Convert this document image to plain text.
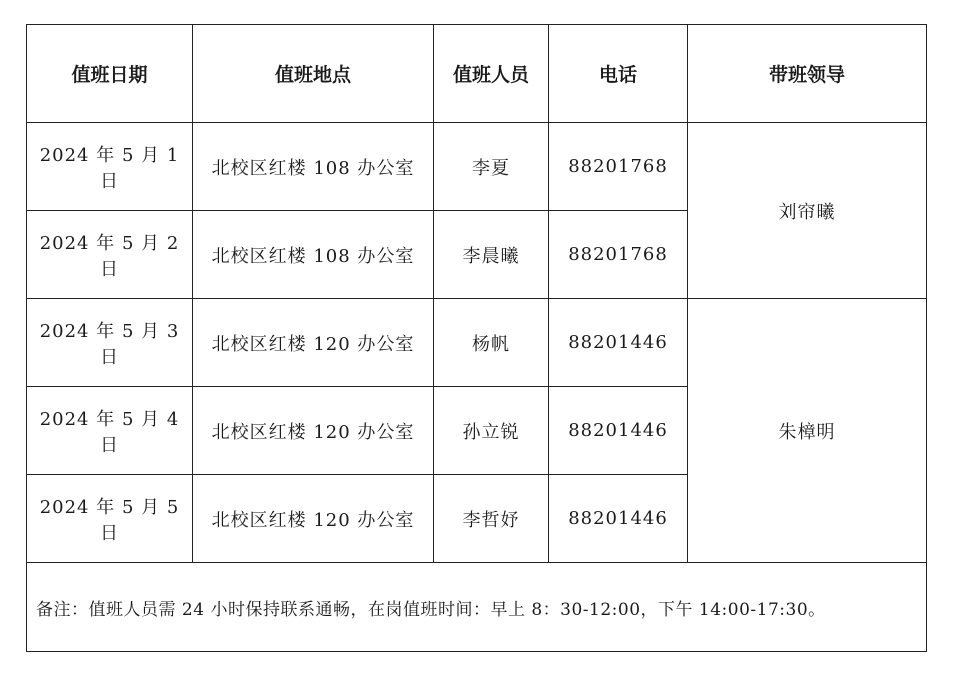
值班日期	值班地点	值班人员	电话	带班领导
2024 年 5 月 1 日	北校区红楼 108 办公室	李夏	88201768	刘帘曦
2024 年 5 月 2 日	北校区红楼 108 办公室	李晨曦	88201768	
2024 年 5 月 3 日	北校区红楼 120 办公室	杨帆	88201446	朱樟明
2024 年 5 月 4 日	北校区红楼 120 办公室	孙立锐	88201446	
2024 年 5 月 5 日	北校区红楼 120 办公室	李哲妤	88201446	
备注：值班人员需 24 小时保持联系通畅，在岗值班时间：早上 8：30-12:00，下午 14:00-17:30。				
